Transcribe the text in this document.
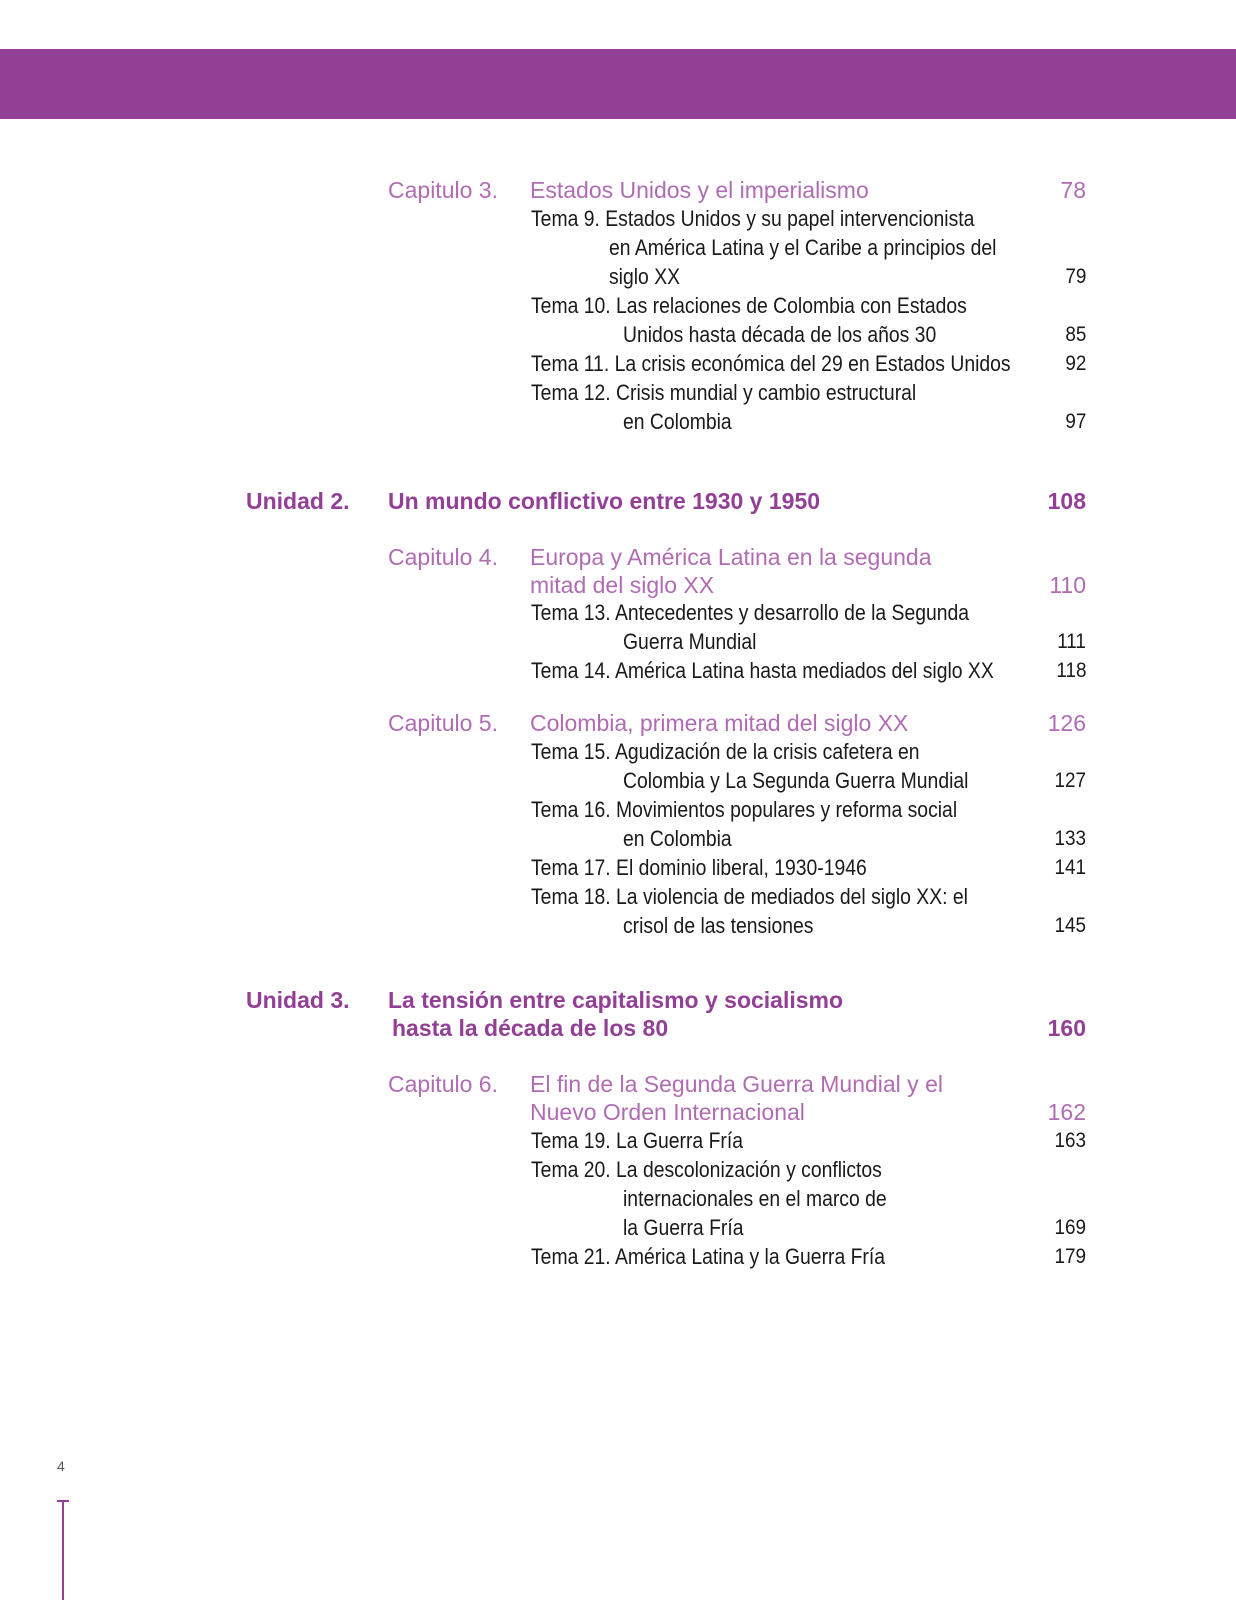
Capitulo 3. Estados Unidos y el imperialismo	78
Tema 9. Estados Unidos y su papel intervencionista
en América Latina y el Caribe a principios del
siglo XX	79
Tema 10. Las relaciones de Colombia con Estados
Unidos hasta década de los años 30	85
Tema 11. La crisis económica del 29 en Estados Unidos	92
Tema 12. Crisis mundial y cambio estructural
en Colombia	97
Unidad 2. Un mundo conflictivo entre 1930 y 1950	108
Capitulo 4. Europa y América Latina en la segunda
mitad del siglo XX	110
Tema 13. Antecedentes y desarrollo de la Segunda
Guerra Mundial	111
Tema 14. América Latina hasta mediados del siglo XX	118
Capitulo 5. Colombia, primera mitad del siglo XX	126
Tema 15. Agudización de la crisis cafetera en
Colombia y La Segunda Guerra Mundial	127
Tema 16. Movimientos populares y reforma social
en Colombia	133
Tema 17. El dominio liberal, 1930-1946	141
Tema 18. La violencia de mediados del siglo XX: el
crisol de las tensiones	145
Unidad 3. La tensión entre capitalismo y socialismo
hasta la década de los 80	160
Capitulo 6. El fin de la Segunda Guerra Mundial y el
Nuevo Orden Internacional	162
Tema 19. La Guerra Fría	163
Tema 20. La descolonización y conflictos
internacionales en el marco de
la Guerra Fría	169
Tema 21. América Latina y la Guerra Fría	179
4
